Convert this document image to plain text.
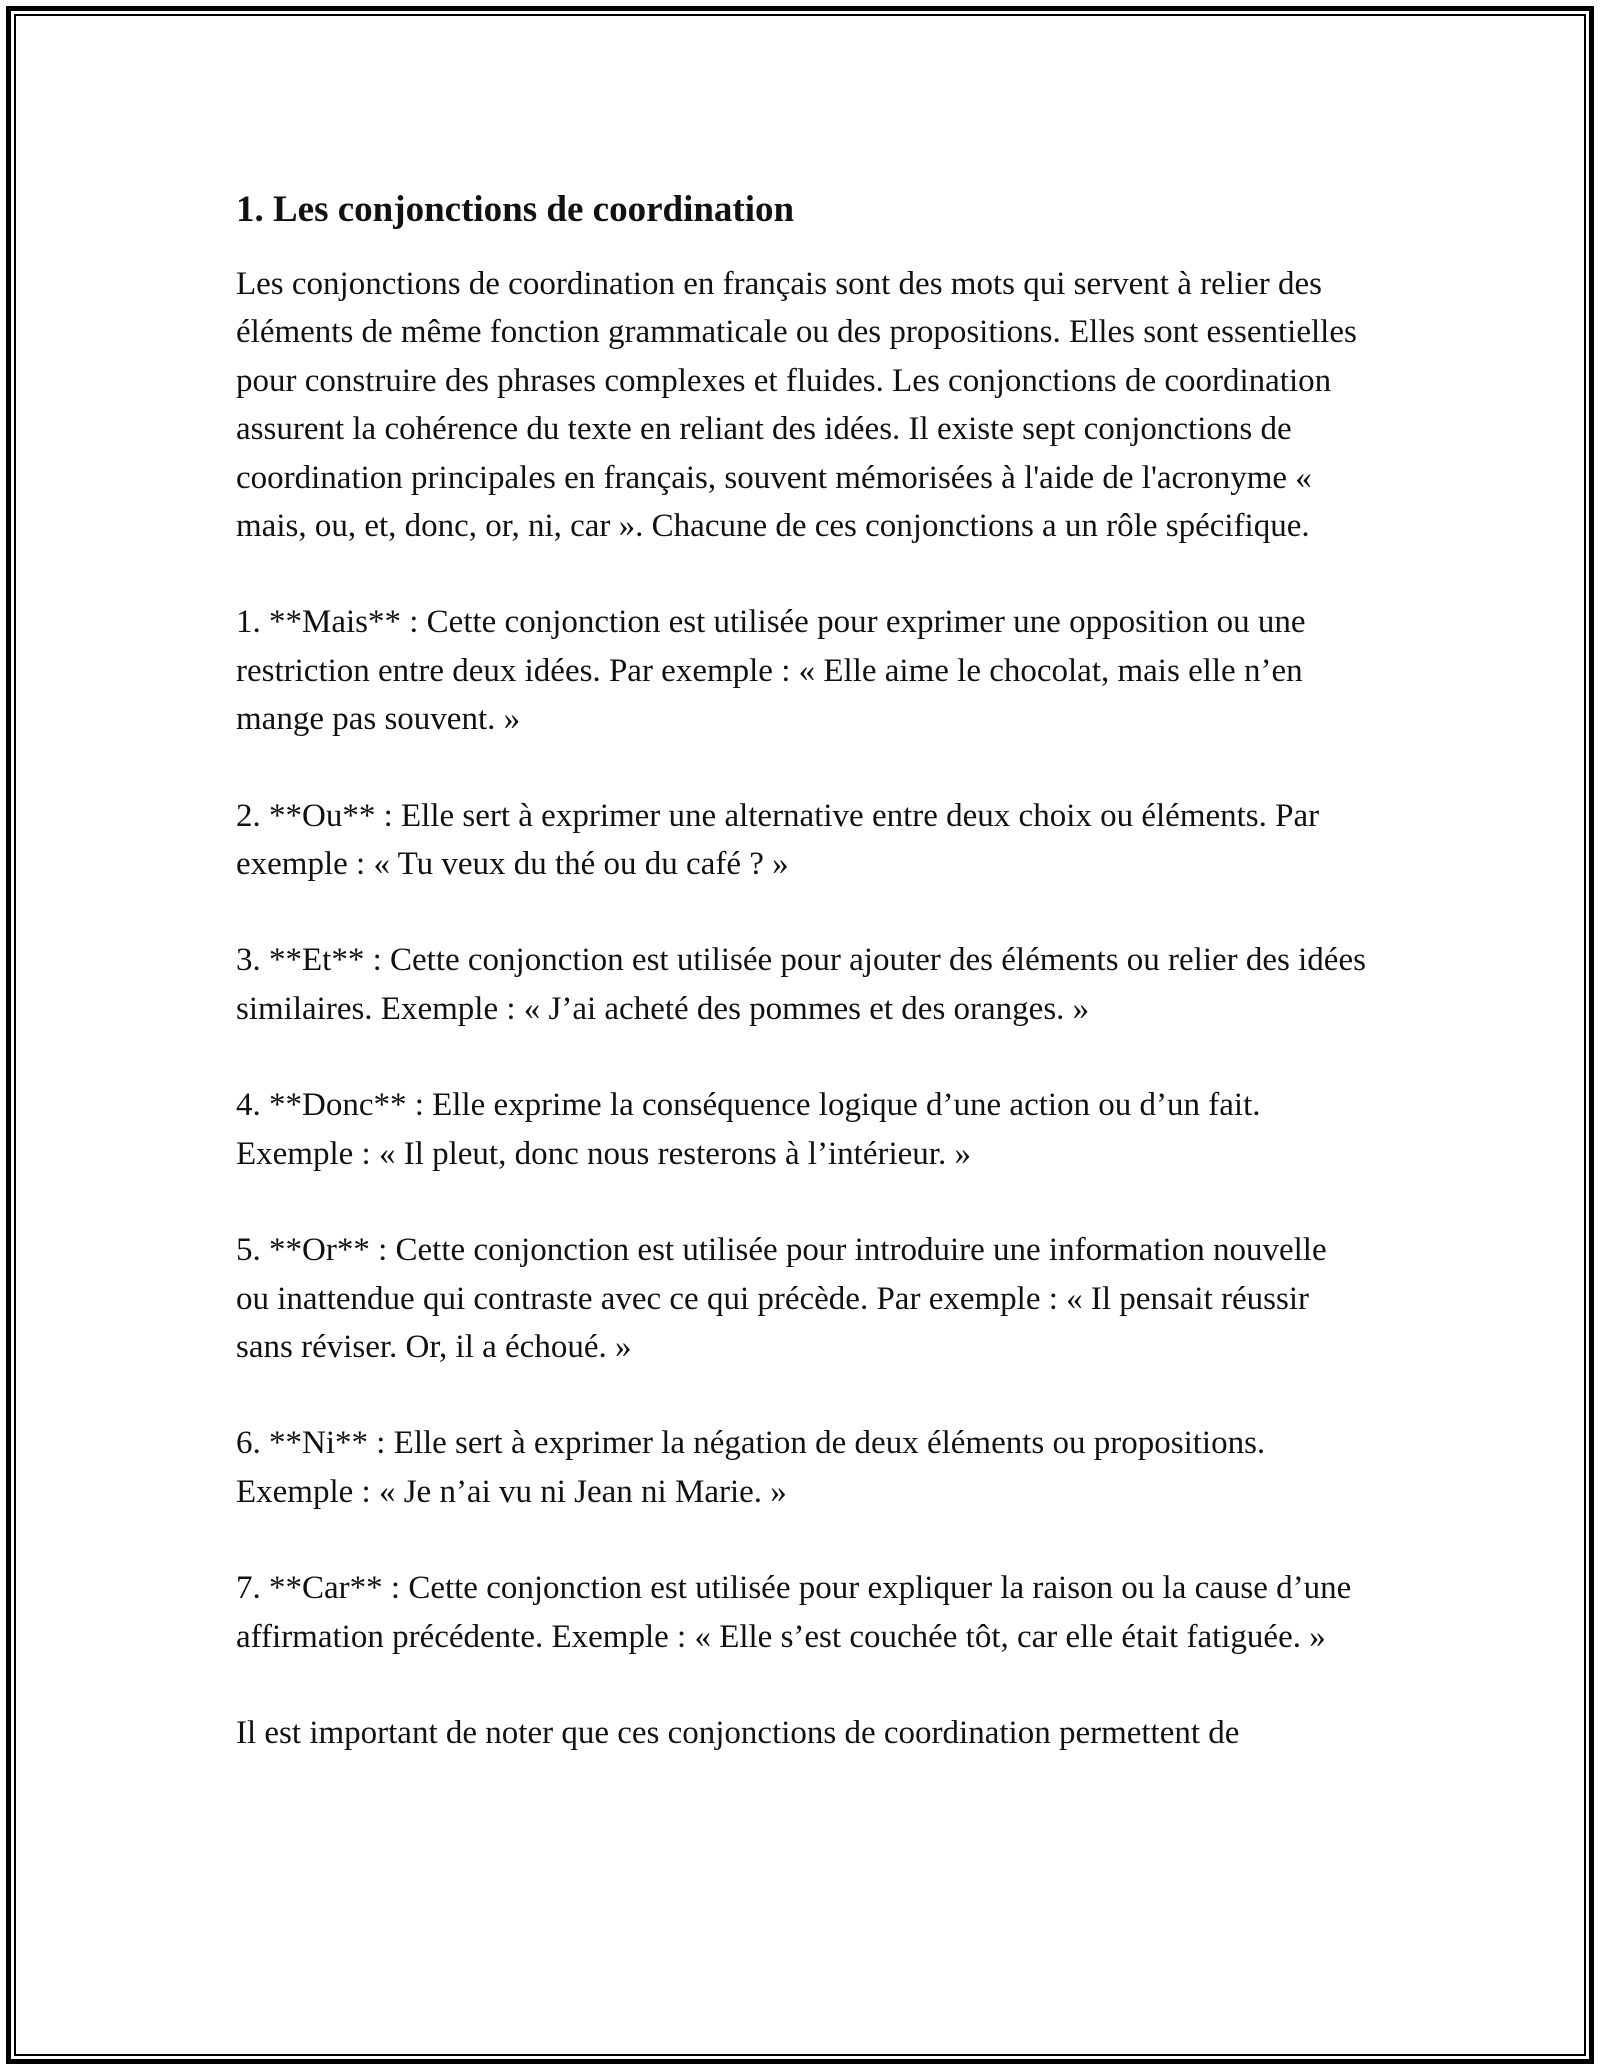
1. Les conjonctions de coordination

Les conjonctions de coordination en français sont des mots qui servent à relier des éléments de même fonction grammaticale ou des propositions. Elles sont essentielles pour construire des phrases complexes et fluides. Les conjonctions de coordination assurent la cohérence du texte en reliant des idées. Il existe sept conjonctions de coordination principales en français, souvent mémorisées à l'aide de l'acronyme « mais, ou, et, donc, or, ni, car ». Chacune de ces conjonctions a un rôle spécifique.

1. **Mais** : Cette conjonction est utilisée pour exprimer une opposition ou une restriction entre deux idées. Par exemple : « Elle aime le chocolat, mais elle n’en mange pas souvent. »

2. **Ou** : Elle sert à exprimer une alternative entre deux choix ou éléments. Par exemple : « Tu veux du thé ou du café ? »

3. **Et** : Cette conjonction est utilisée pour ajouter des éléments ou relier des idées similaires. Exemple : « J’ai acheté des pommes et des oranges. »

4. **Donc** : Elle exprime la conséquence logique d’une action ou d’un fait. Exemple : « Il pleut, donc nous resterons à l’intérieur. »

5. **Or** : Cette conjonction est utilisée pour introduire une information nouvelle ou inattendue qui contraste avec ce qui précède. Par exemple : « Il pensait réussir sans réviser. Or, il a échoué. »

6. **Ni** : Elle sert à exprimer la négation de deux éléments ou propositions. Exemple : « Je n’ai vu ni Jean ni Marie. »

7. **Car** : Cette conjonction est utilisée pour expliquer la raison ou la cause d’une affirmation précédente. Exemple : « Elle s’est couchée tôt, car elle était fatiguée. »

Il est important de noter que ces conjonctions de coordination permettent de
